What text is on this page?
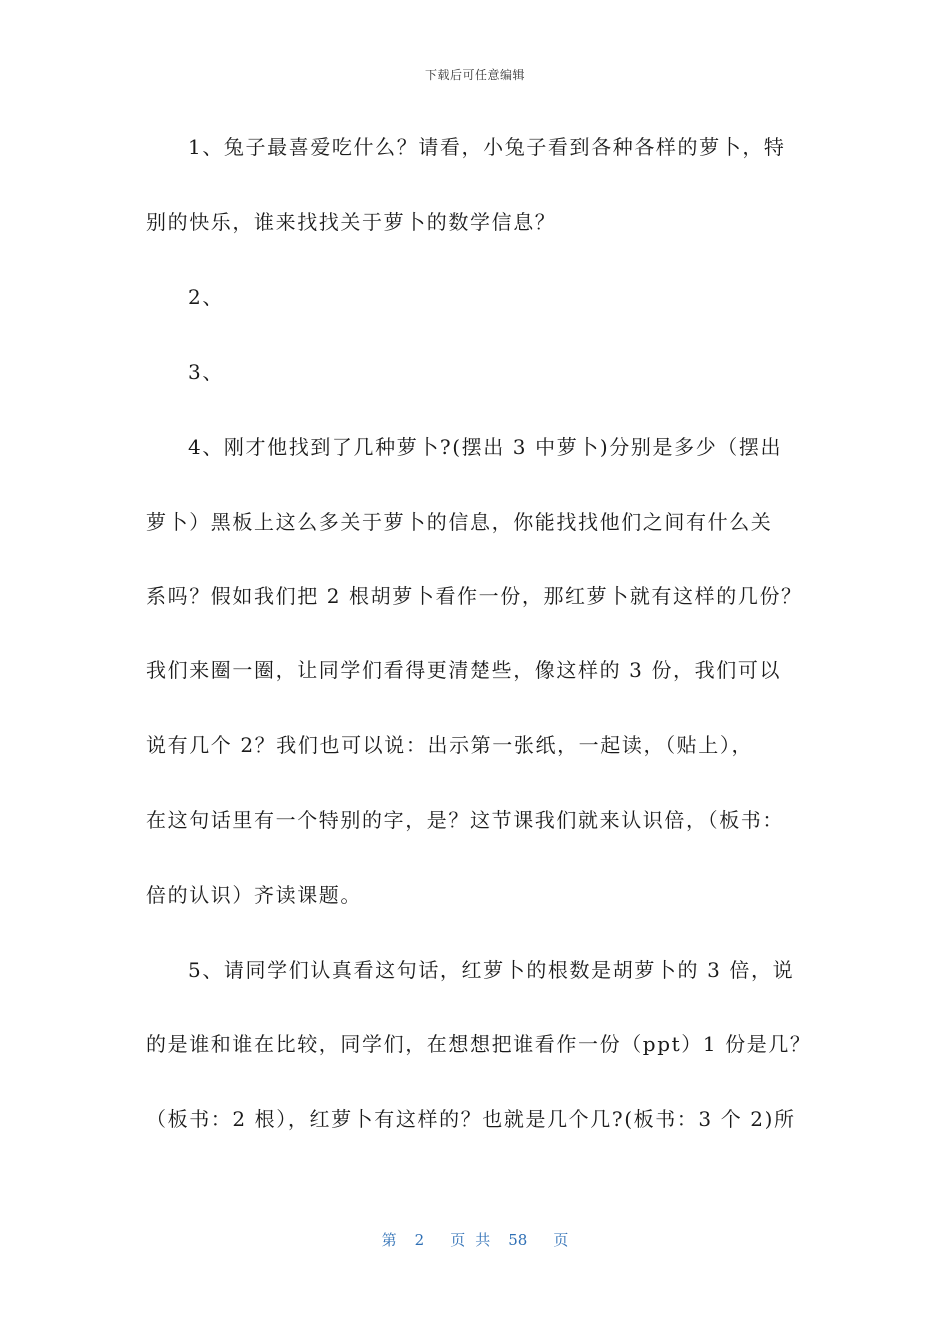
下载后可任意编辑
1、兔子最喜爱吃什么？请看，小兔子看到各种各样的萝卜，特
别的快乐，谁来找找关于萝卜的数学信息？
2、
3、
4、刚才他找到了几种萝卜?(摆出 3 中萝卜)分别是多少（摆出
萝卜）黑板上这么多关于萝卜的信息，你能找找他们之间有什么关
系吗？假如我们把 2 根胡萝卜看作一份，那红萝卜就有这样的几份？
我们来圈一圈，让同学们看得更清楚些，像这样的 3 份，我们可以
说有几个 2？我们也可以说：出示第一张纸，一起读，（贴上），
在这句话里有一个特别的字，是？这节课我们就来认识倍，（板书：
倍的认识）齐读课题。
5、请同学们认真看这句话，红萝卜的根数是胡萝卜的 3 倍，说
的是谁和谁在比较，同学们，在想想把谁看作一份（ppt）1 份是几？
（板书：2 根），红萝卜有这样的？也就是几个几?(板书：3 个 2)所
第 2 页 共 58 页
